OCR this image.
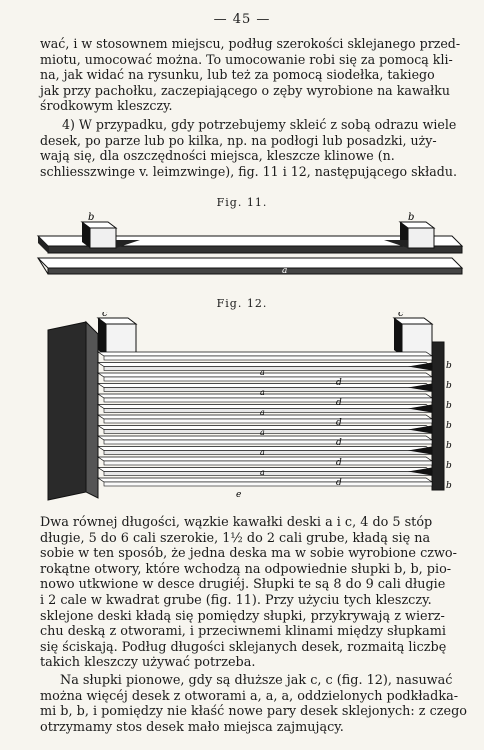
— 45 —

wać, i w stosownem miejscu, podług szerokości sklejanego przed-
miotu, umocować można. To umocowanie robi się za pomocą kli-
na, jak widać na rysunku, lub też za pomocą siodełka, takiego
jak przy pachołku, zaczepiającego o zęby wyrobione na kawałku
środkowym kleszczy.

4) W przypadku, gdy potrzebujemy skleić z sobą odrazu wiele
desek, po parze lub po kilka, np. na podłogi lub posadzki, uży-
wają się, dla oszczędności miejsca, kleszcze klinowe (n.
schliesszwinge v. leimzwinge), fig. 11 i 12, następującego składu.

Fig. 11.
b	b
c
a
Fig. 12.
c	c
a
a
a
a
a
a
d
d
d
d
d
d
b
b
b
b
b
b
b
e

Dwa równej długości, wązkie kawałki deski a i c, 4 do 5 stóp
długie, 5 do 6 cali szerokie, 1½ do 2 cali grube, kładą się na
sobie w ten sposób, że jedna deska ma w sobie wyrobione czwo-
rokątne otwory, które wchodzą na odpowiednie słupki b, b, pio-
nowo utkwione w desce drugiéj. Słupki te są 8 do 9 cali długie
i 2 cale w kwadrat grube (fig. 11). Przy użyciu tych kleszczy.
sklejone deski kładą się pomiędzy słupki, przykrywają z wierz-
chu deską z otworami, i przeciwnemi klinami między słupkami
się ściskają. Podług długości sklejanych desek, rozmaitą liczbę
takich kleszczy używać potrzeba.

Na słupki pionowe, gdy są dłuższe jak c, c (fig. 12), nasuwać
można więcéj desek z otworami a, a, a, oddzielonych podkładka-
mi b, b, i pomiędzy nie kłaść nowe pary desek sklejonych: z czego
otrzymamy stos desek mało miejsca zajmujący.
